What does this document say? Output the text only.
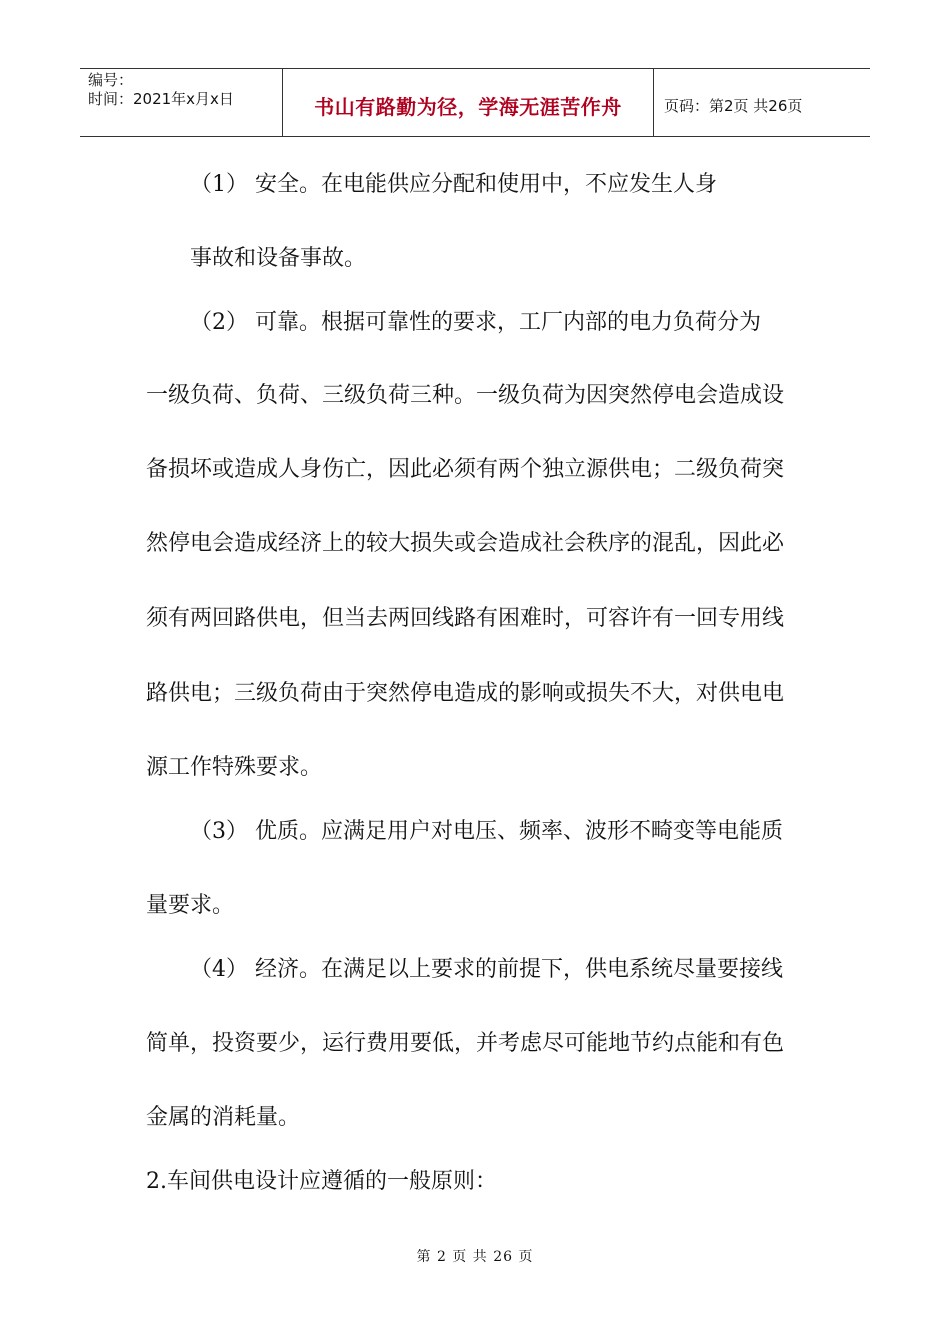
编号：
时间：2021年x月x日	书山有路勤为径，学海无涯苦作舟	页码：第2页 共26页
（1） 安全。在电能供应分配和使用中，不应发生人身
事故和设备事故。
（2） 可靠。根据可靠性的要求，工厂内部的电力负荷分为
一级负荷、负荷、三级负荷三种。一级负荷为因突然停电会造成设
备损坏或造成人身伤亡，因此必须有两个独立源供电；二级负荷突
然停电会造成经济上的较大损失或会造成社会秩序的混乱，因此必
须有两回路供电，但当去两回线路有困难时，可容许有一回专用线
路供电；三级负荷由于突然停电造成的影响或损失不大，对供电电
源工作特殊要求。
（3） 优质。应满足用户对电压、频率、波形不畸变等电能质
量要求。
（4） 经济。在满足以上要求的前提下，供电系统尽量要接线
简单，投资要少，运行费用要低，并考虑尽可能地节约点能和有色
金属的消耗量。
2.车间供电设计应遵循的一般原则：
第 2 页 共 26 页
